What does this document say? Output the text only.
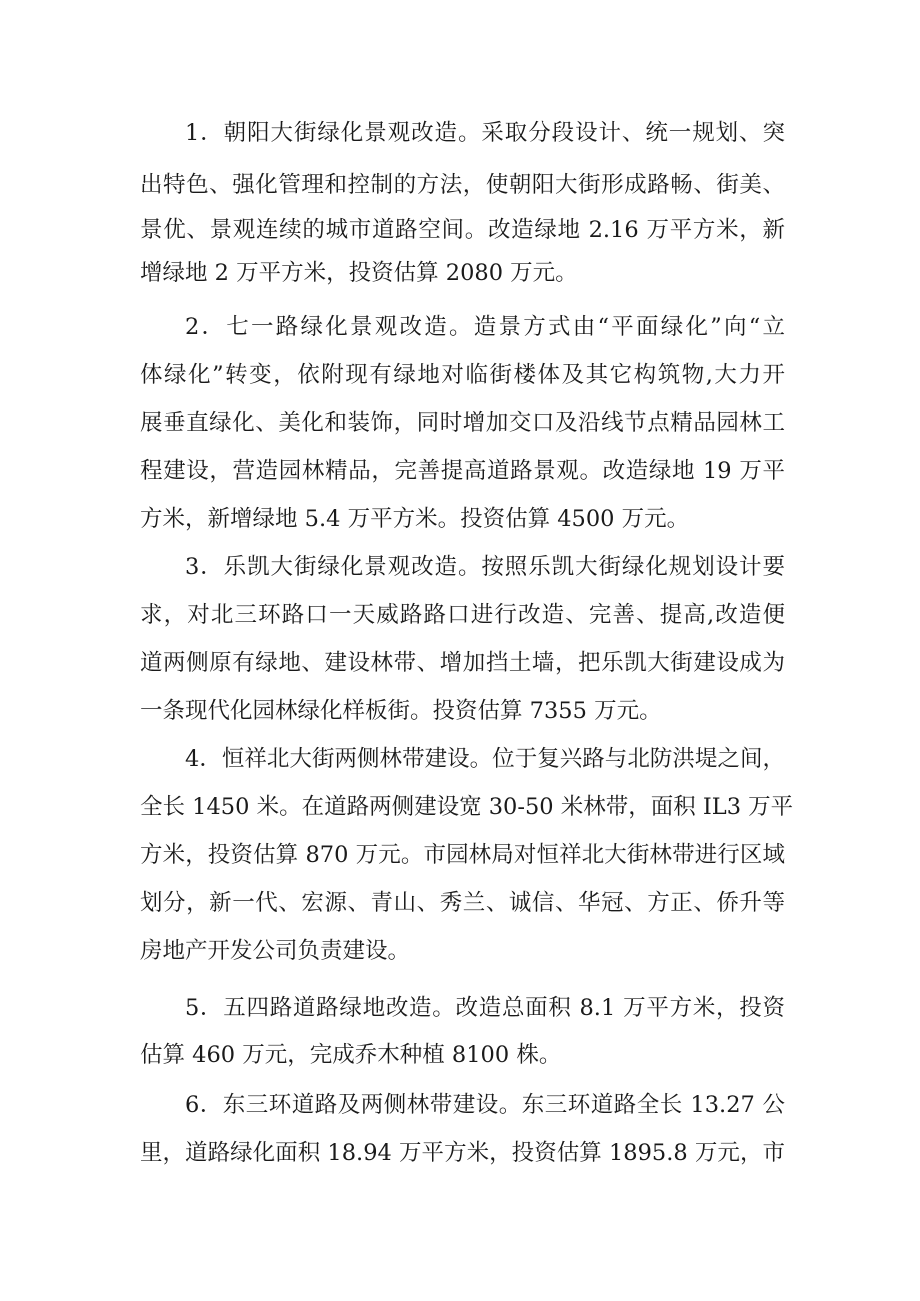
1．朝阳大街绿化景观改造。采取分段设计、统一规划、突
出特色、强化管理和控制的方法，使朝阳大街形成路畅、街美、
景优、景观连续的城市道路空间。改造绿地 2.16 万平方米，新
增绿地 2 万平方米，投资估算 2080 万元。
2．七一路绿化景观改造。造景方式由“平面绿化”向“立
体绿化”转变，依附现有绿地对临街楼体及其它构筑物,大力开
展垂直绿化、美化和装饰，同时增加交口及沿线节点精品园林工
程建设，营造园林精品，完善提高道路景观。改造绿地 19 万平
方米，新增绿地 5.4 万平方米。投资估算 4500 万元。
3．乐凯大街绿化景观改造。按照乐凯大街绿化规划设计要
求，对北三环路口一天威路路口进行改造、完善、提高,改造便
道两侧原有绿地、建设林带、增加挡土墙，把乐凯大街建设成为
一条现代化园林绿化样板街。投资估算 7355 万元。
4．恒祥北大街两侧林带建设。位于复兴路与北防洪堤之间，
全长 1450 米。在道路两侧建设宽 30-50 米林带，面积 IL3 万平
方米，投资估算 870 万元。市园林局对恒祥北大街林带进行区域
划分，新一代、宏源、青山、秀兰、诚信、华冠、方正、侨升等
房地产开发公司负责建设。
5．五四路道路绿地改造。改造总面积 8.1 万平方米，投资
估算 460 万元，完成乔木种植 8100 株。
6．东三环道路及两侧林带建设。东三环道路全长 13.27 公
里，道路绿化面积 18.94 万平方米，投资估算 1895.8 万元，市
